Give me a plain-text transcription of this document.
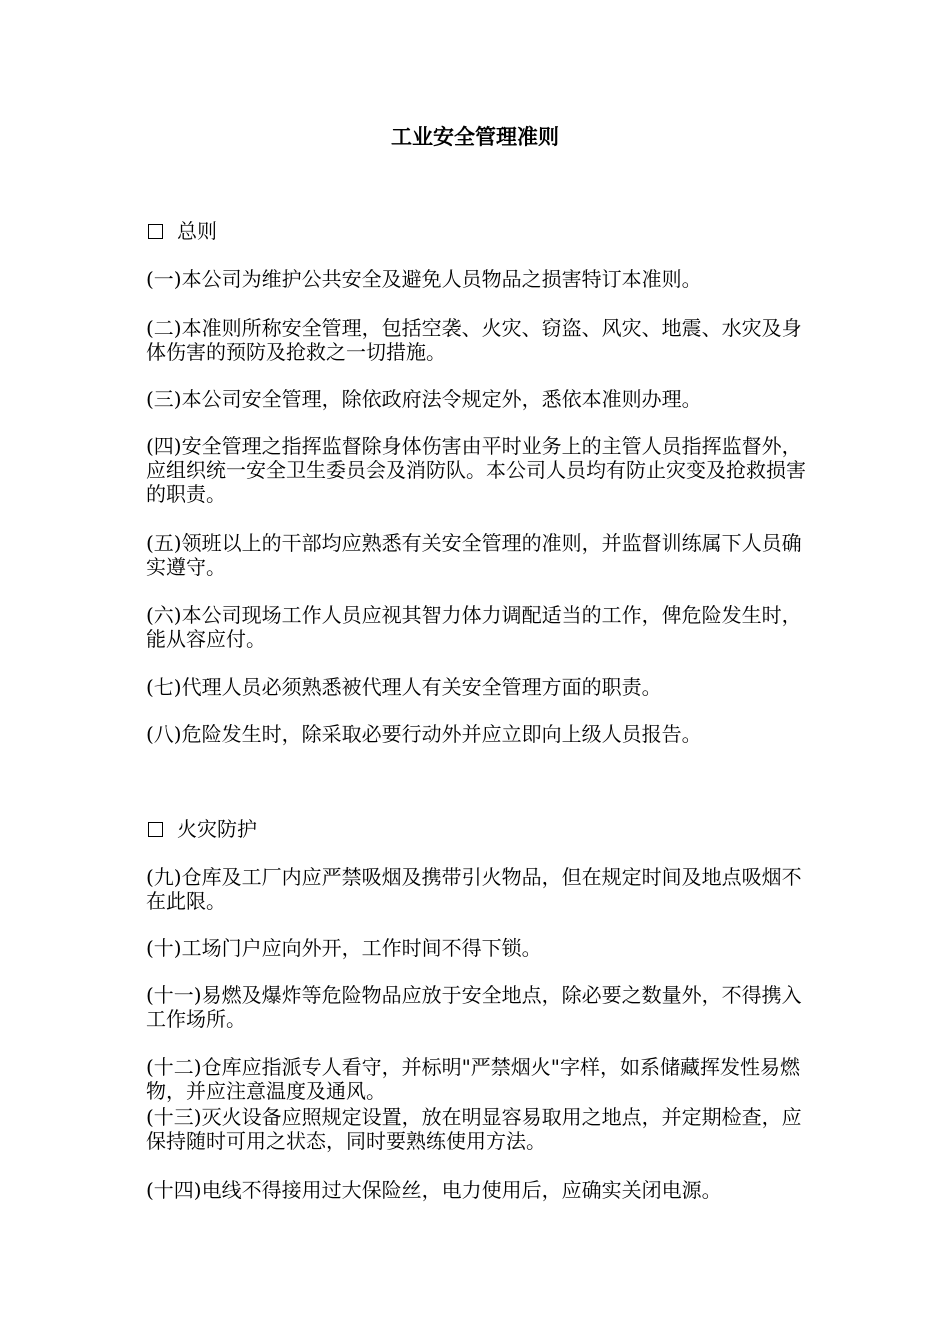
工业安全管理准则
总则
(一)本公司为维护公共安全及避免人员物品之损害特订本准则。
(二)本准则所称安全管理，包括空袭、火灾、窃盗、风灾、地震、水灾及身体伤害的预防及抢救之一切措施。
(三)本公司安全管理，除依政府法令规定外，悉依本准则办理。
(四)安全管理之指挥监督除身体伤害由平时业务上的主管人员指挥监督外，应组织统一安全卫生委员会及消防队。本公司人员均有防止灾变及抢救损害的职责。
(五)领班以上的干部均应熟悉有关安全管理的准则，并监督训练属下人员确实遵守。
(六)本公司现场工作人员应视其智力体力调配适当的工作，俾危险发生时，能从容应付。
(七)代理人员必须熟悉被代理人有关安全管理方面的职责。
(八)危险发生时，除采取必要行动外并应立即向上级人员报告。
火灾防护
(九)仓库及工厂内应严禁吸烟及携带引火物品，但在规定时间及地点吸烟不在此限。
(十)工场门户应向外开，工作时间不得下锁。
(十一)易燃及爆炸等危险物品应放于安全地点，除必要之数量外，不得携入工作场所。
(十二)仓库应指派专人看守，并标明"严禁烟火"字样，如系储藏挥发性易燃物，并应注意温度及通风。
(十三)灭火设备应照规定设置，放在明显容易取用之地点，并定期检查，应保持随时可用之状态，同时要熟练使用方法。
(十四)电线不得接用过大保险丝，电力使用后，应确实关闭电源。
